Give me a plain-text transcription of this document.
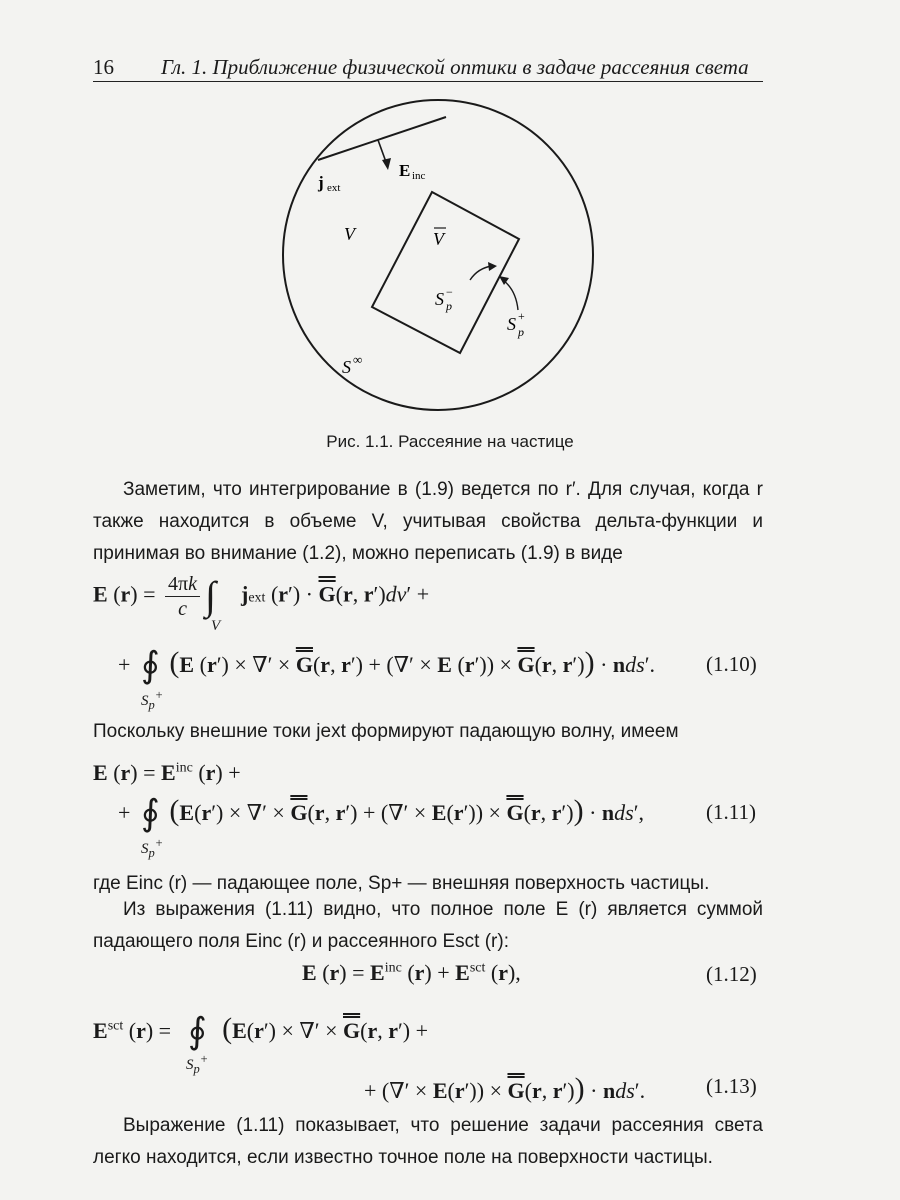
16 Гл. 1. Приближение физической оптики в задаче рассеяния света
j ext
E inc
V	V
S p
−
S p
+
S ∞
Рис. 1.1. Рассеяние на частице
Заметим, что интегрирование в (1.9) ведется по r′. Для случая, когда r также находится в объеме V, учитывая свойства дельта-функции и принимая во внимание (1.2), можно переписать (1.9) в виде
E $(r) = \frac{4\pi k}{c}$ jext (r′) · G(r, r′)dv′ +
∫
V
+  (E (r′) × ∇′ × G(r, r′) + (∇′ × E (r′)) × G(r, r′)) · nds′.
∮
$S_p^+$
(1.10)
Поскольку внешние токи jext формируют падающую волну, имеем
E $(r) = E^{inc}$ (r) +
+  (E(r′) × ∇′ × G(r, r′) + (∇′ × E(r′)) × G(r, r′)) · nds′,
∮
$S_p^+$
(1.11)
где Einc (r) — падающее поле, Sp+ — внешняя поверхность частицы.
Из выражения (1.11) видно, что полное поле E (r) является суммой падающего поля Einc (r) и рассеянного Esct (r):
E $(r) = E^{inc}$ $(r) + E^{sct}$ (r),	(1.12)
$E^{sct}$ (r) =  (E(r′) × ∇′ × G(r, r′) +
∮
$S_p^+$
+ (∇′ × E(r′)) × G(r, r′)) · nds′.	(1.13)
Выражение (1.11) показывает, что решение задачи рассеяния света легко находится, если известно точное поле на поверхности частицы.
